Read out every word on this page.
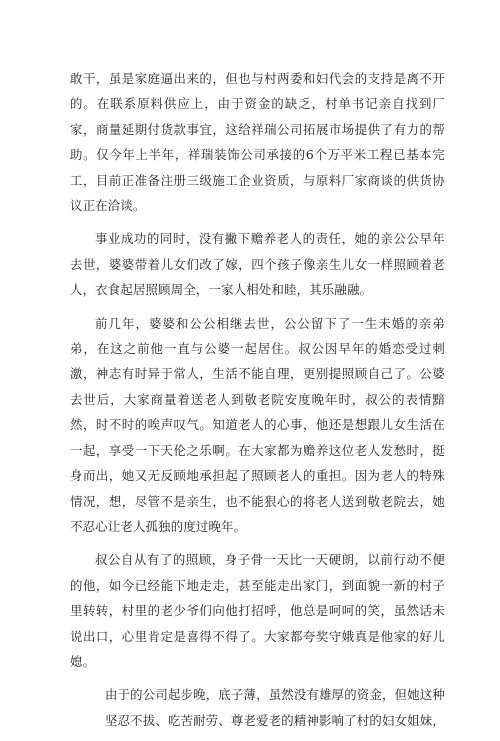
敢干，虽是家庭逼出来的，但也与村两委和妇代会的支持是离不开的。在联系原料供应上，由于资金的缺乏，村单书记亲自找到厂家，商量延期付货款事宜，这给祥瑞公司拓展市场提供了有力的帮助。仅今年上半年，祥瑞装饰公司承接的6个万平米工程已基本完工，目前正准备注册三级施工企业资质，与原料厂家商谈的供货协议正在洽谈。

事业成功的同时，没有撇下赡养老人的责任，她的亲公公早年去世，婆婆带着儿女们改了嫁，四个孩子像亲生儿女一样照顾着老人，衣食起居照顾周全，一家人相处和睦，其乐融融。

前几年，婆婆和公公相继去世，公公留下了一生未婚的亲弟弟，在这之前他一直与公婆一起居住。叔公因早年的婚恋受过刺激，神志有时异于常人，生活不能自理，更别提照顾自己了。公婆去世后，大家商量着送老人到敬老院安度晚年时，叔公的表情黯然，时不时的唉声叹气。知道老人的心事，他还是想跟儿女生活在一起，享受一下天伦之乐啊。在大家都为赡养这位老人发愁时，挺身而出，她又无反顾地承担起了照顾老人的重担。因为老人的特殊情况，想，尽管不是亲生，也不能狠心的将老人送到敬老院去，她不忍心让老人孤独的度过晚年。

叔公自从有了的照顾，身子骨一天比一天硬朗，以前行动不便的他，如今已经能下地走走，甚至能走出家门，到面貌一新的村子里转转，村里的老少爷们向他打招呼，他总是呵呵的笑，虽然话未说出口，心里肯定是喜得不得了。大家都夸奖守娥真是他家的好儿媳。

由于的公司起步晚，底子薄，虽然没有雄厚的资金，但她这种坚忍不拔、吃苦耐劳、尊老爱老的精神影响了村的妇女姐妹，
